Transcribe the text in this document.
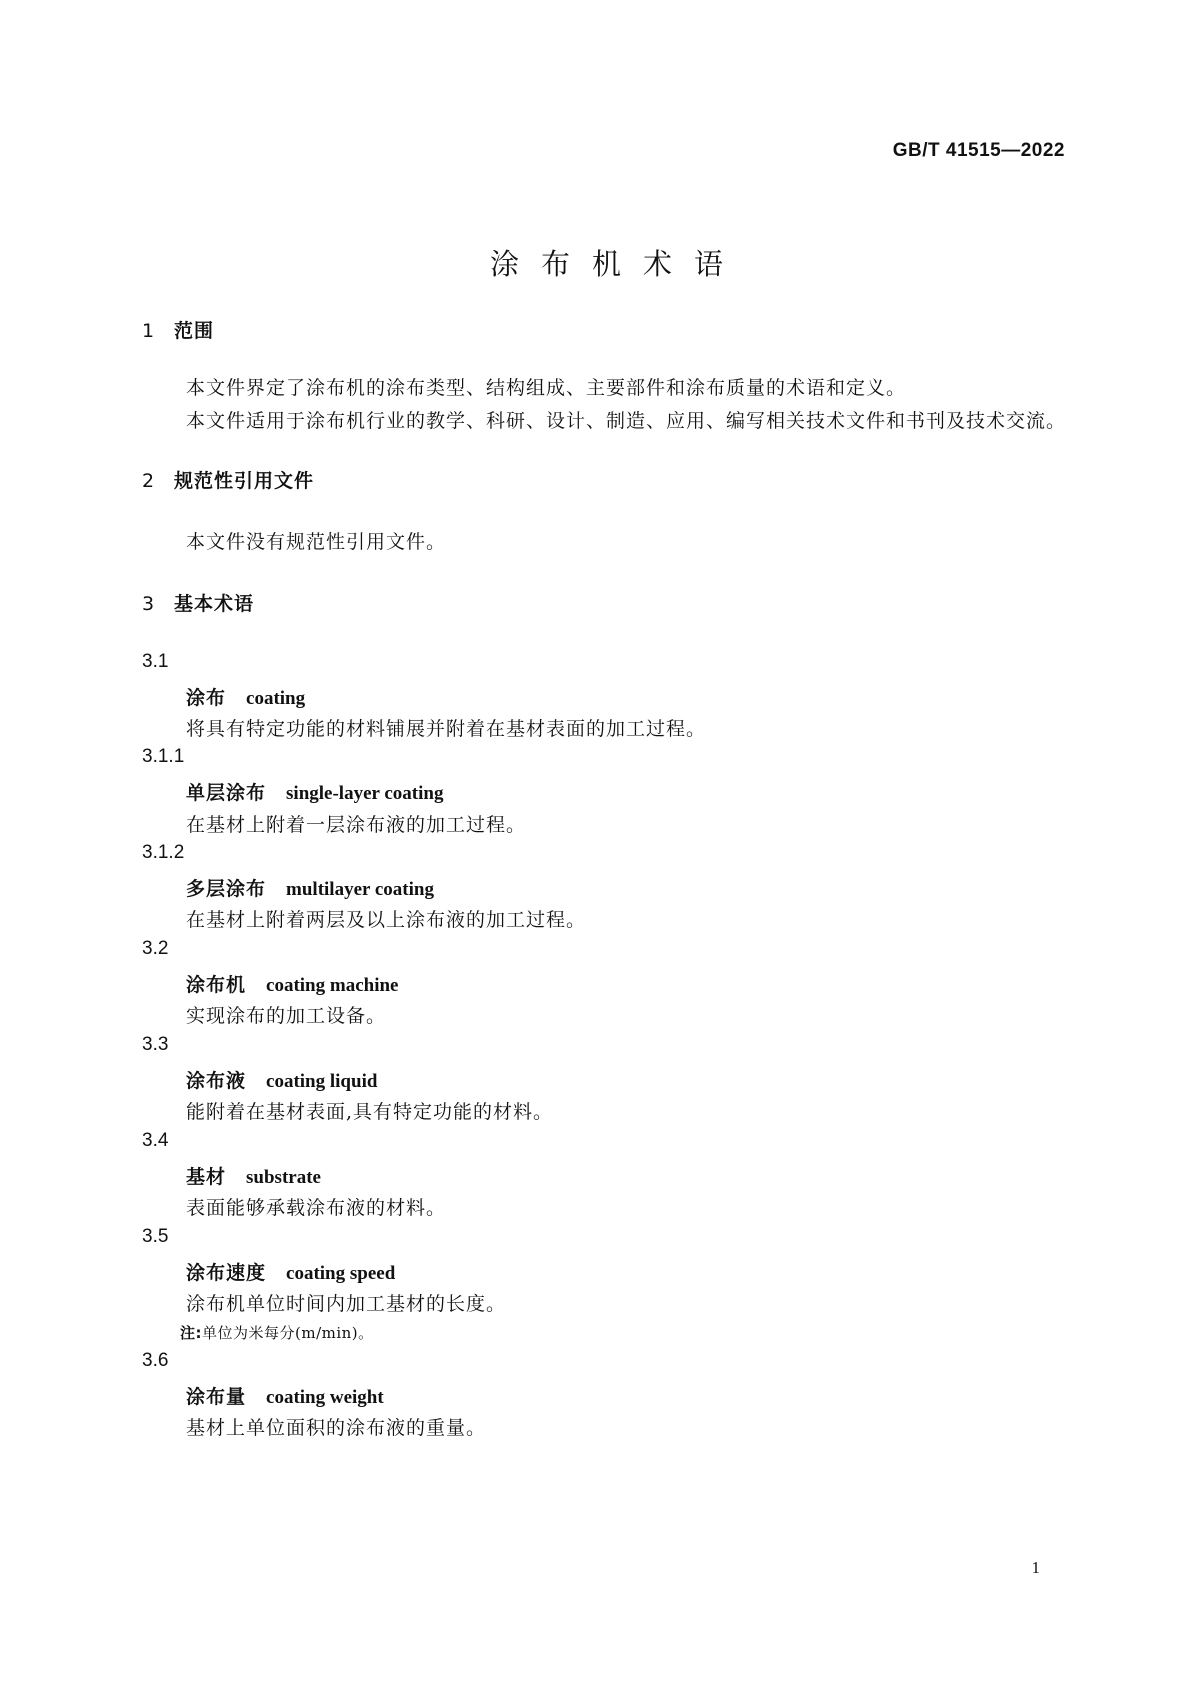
GB/T 41515—2022
涂布机术语
1 范围
本文件界定了涂布机的涂布类型、结构组成、主要部件和涂布质量的术语和定义。
本文件适用于涂布机行业的教学、科研、设计、制造、应用、编写相关技术文件和书刊及技术交流。
2 规范性引用文件
本文件没有规范性引用文件。
3 基本术语
3.1
涂布 coating
将具有特定功能的材料铺展并附着在基材表面的加工过程。
3.1.1
单层涂布 single-layer coating
在基材上附着一层涂布液的加工过程。
3.1.2
多层涂布 multilayer coating
在基材上附着两层及以上涂布液的加工过程。
3.2
涂布机 coating machine
实现涂布的加工设备。
3.3
涂布液 coating liquid
能附着在基材表面,具有特定功能的材料。
3.4
基材 substrate
表面能够承载涂布液的材料。
3.5
涂布速度 coating speed
涂布机单位时间内加工基材的长度。
注:单位为米每分(m/min)。
3.6
涂布量 coating weight
基材上单位面积的涂布液的重量。
1
